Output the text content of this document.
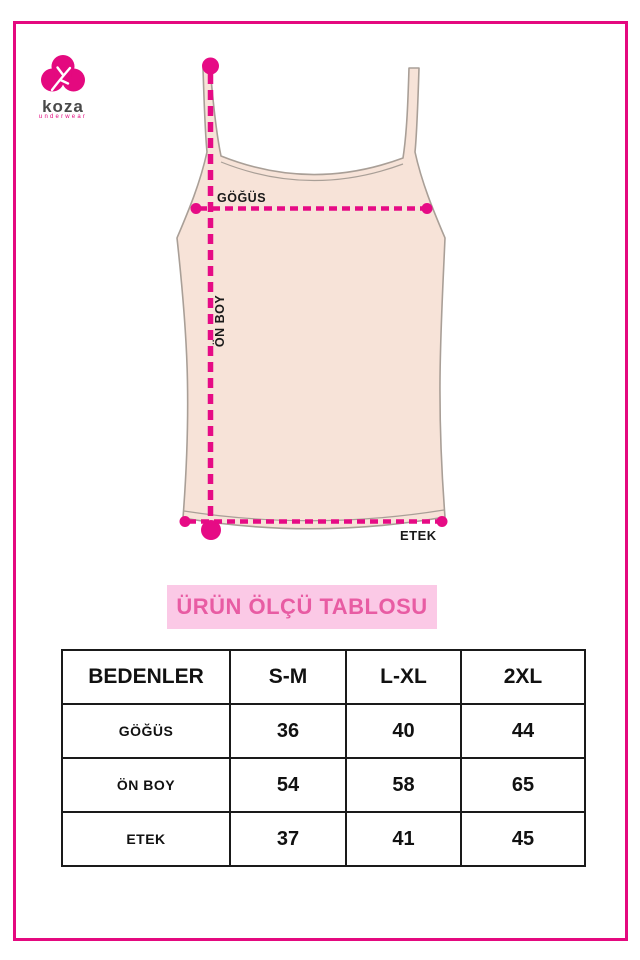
koza
underwear
GÖĞÜS
ÖN BOY
ETEK
ÜRÜN ÖLÇÜ TABLOSU
BEDENLER	S-M	L-XL	2XL
GÖĞÜS	36	40	44
ÖN BOY	54	58	65
ETEK	37	41	45
